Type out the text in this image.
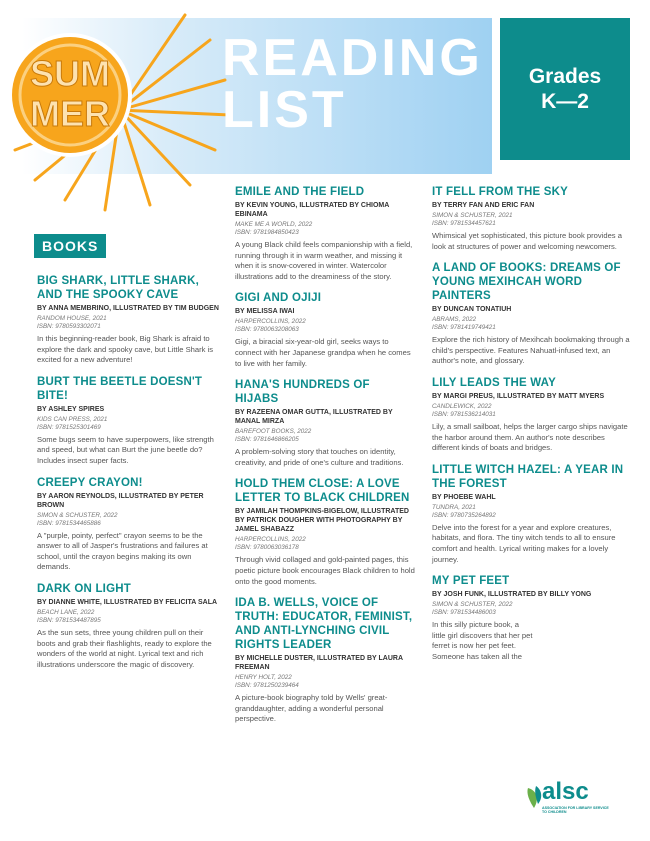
SUM
MER
READING
LIST
Grades
K—2
BOOKS
BIG SHARK, LITTLE SHARK, AND THE SPOOKY CAVE
BY ANNA MEMBRINO, ILLUSTRATED BY TIM BUDGEN
RANDOM HOUSE, 2021
ISBN: 9780593302071
In this beginning-reader book, Big Shark is afraid to explore the dark and spooky cave, but Little Shark is excited for a new adventure!
BURT THE BEETLE DOESN'T BITE!
BY ASHLEY SPIRES
KIDS CAN PRESS, 2021
ISBN: 9781525301469
Some bugs seem to have superpowers, like strength and speed, but what can Burt the june beetle do? Includes insect super facts.
CREEPY CRAYON!
BY AARON REYNOLDS, ILLUSTRATED BY PETER BROWN
SIMON & SCHUSTER, 2022
ISBN: 9781534465886
A "purple, pointy, perfect" crayon seems to be the answer to all of Jasper's frustrations and failures at school, until the crayon begins making its own demands.
DARK ON LIGHT
BY DIANNE WHITE, ILLUSTRATED BY FELICITA SALA
BEACH LANE, 2022
ISBN: 9781534487895
As the sun sets, three young children pull on their boots and grab their flashlights, ready to explore the wonders of the world at night. Lyrical text and rich illustrations underscore the magic of discovery.
EMILE AND THE FIELD
BY KEVIN YOUNG, ILLUSTRATED BY CHIOMA EBINAMA
MAKE ME A WORLD, 2022
ISBN: 9781984850423
A young Black child feels companionship with a field, running through it in warm weather, and missing it when it is snow-covered in winter. Watercolor illustrations add to the dreaminess of the story.
GIGI AND OJIJI
BY MELISSA IWAI
HARPERCOLLINS, 2022
ISBN: 9780063208063
Gigi, a biracial six-year-old girl, seeks ways to connect with her Japanese grandpa when he comes to live with her family.
HANA'S HUNDREDS OF HIJABS
BY RAZEENA OMAR GUTTA, ILLUSTRATED BY MANAL MIRZA
BAREFOOT BOOKS, 2022
ISBN: 9781646866205
A problem-solving story that touches on identity, creativity, and pride of one's culture and traditions.
HOLD THEM CLOSE: A LOVE LETTER TO BLACK CHILDREN
BY JAMILAH THOMPKINS-BIGELOW, ILLUSTRATED BY PATRICK DOUGHER WITH PHOTOGRAPHY BY JAMEL SHABAZZ
HARPERCOLLINS, 2022
ISBN: 9780063036178
Through vivid collaged and gold-painted pages, this poetic picture book encourages Black children to hold onto the good moments.
IDA B. WELLS, VOICE OF TRUTH: EDUCATOR, FEMINIST, AND ANTI-LYNCHING CIVIL RIGHTS LEADER
BY MICHELLE DUSTER, ILLUSTRATED BY LAURA FREEMAN
HENRY HOLT, 2022
ISBN: 9781250239464
A picture-book biography told by Wells' great-granddaughter, adding a wonderful personal perspective.
IT FELL FROM THE SKY
BY TERRY FAN AND ERIC FAN
SIMON & SCHUSTER, 2021
ISBN: 9781534457621
Whimsical yet sophisticated, this picture book provides a look at structures of power and welcoming newcomers.
A LAND OF BOOKS: DREAMS OF YOUNG MEXIHCAH WORD PAINTERS
BY DUNCAN TONATIUH
ABRAMS, 2022
ISBN: 9781419749421
Explore the rich history of Mexihcah bookmaking through a child's perspective. Features Nahuatl-infused text, an author's note, and glossary.
LILY LEADS THE WAY
BY MARGI PREUS, ILLUSTRATED BY MATT MYERS
CANDLEWICK, 2022
ISBN: 9781536214031
Lily, a small sailboat, helps the larger cargo ships navigate the harbor around them. An author's note describes different kinds of boats and bridges.
LITTLE WITCH HAZEL: A YEAR IN THE FOREST
BY PHOEBE WAHL
TUNDRA, 2021
ISBN: 9780735264892
Delve into the forest for a year and explore creatures, habitats, and flora. The tiny witch tends to all to ensure comfort and health. Lyrical writing makes for a lovely journey.
MY PET FEET
BY JOSH FUNK, ILLUSTRATED BY BILLY YONG
SIMON & SCHUSTER, 2022
ISBN: 9781534486003
In this silly picture book, a little girl discovers that her pet ferret is now her pet feet. Someone has taken all the
alsc
ASSOCIATION FOR LIBRARY SERVICE TO CHILDREN
